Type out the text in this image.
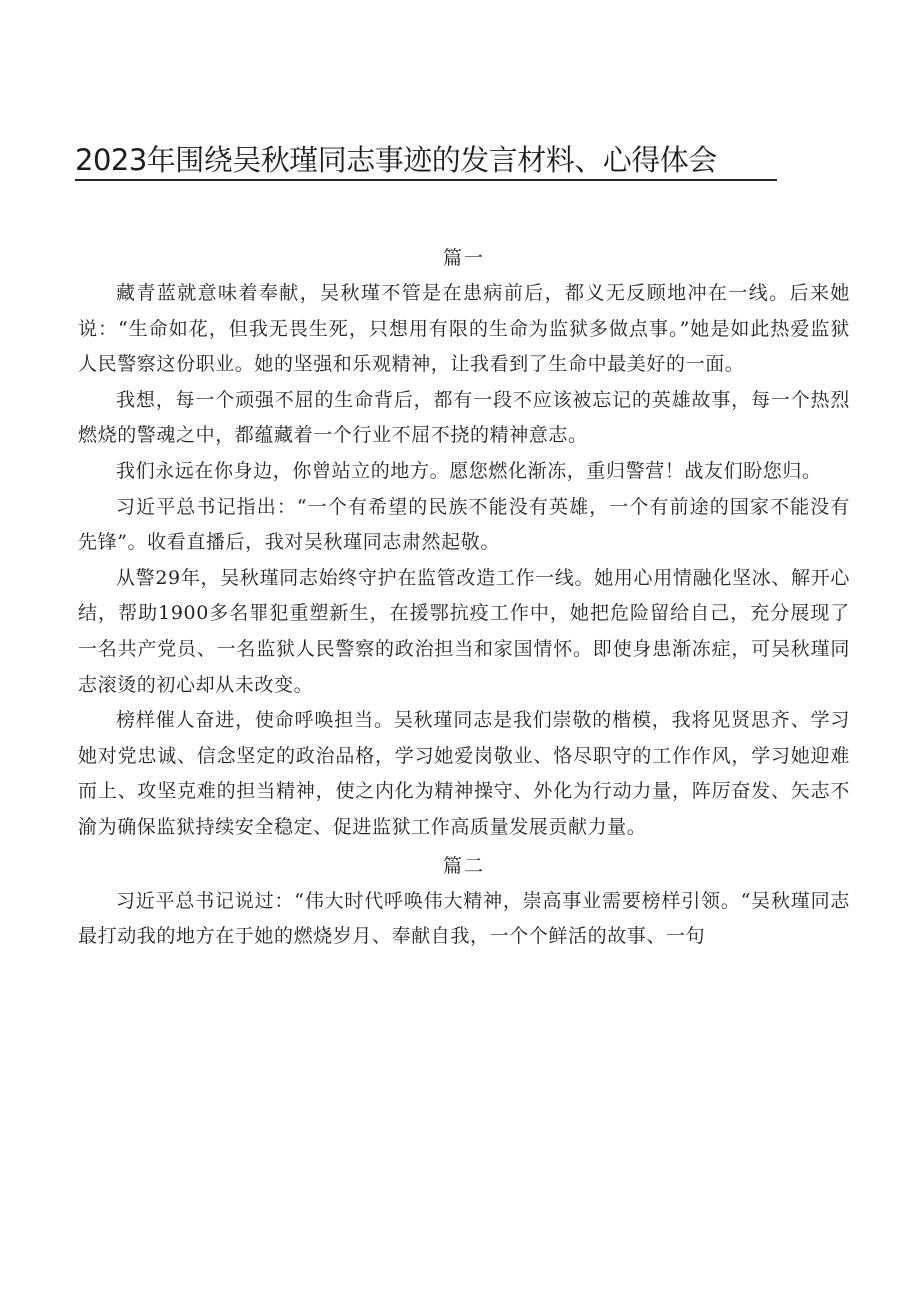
2023年围绕吴秋瑾同志事迹的发言材料、心得体会

篇一

藏青蓝就意味着奉献，吴秋瑾不管是在患病前后，都义无反顾地冲在一线。后来她说：“生命如花，但我无畏生死，只想用有限的生命为监狱多做点事。”她是如此热爱监狱人民警察这份职业。她的坚强和乐观精神，让我看到了生命中最美好的一面。

我想，每一个顽强不屈的生命背后，都有一段不应该被忘记的英雄故事，每一个热烈燃烧的警魂之中，都蕴藏着一个行业不屈不挠的精神意志。

我们永远在你身边，你曾站立的地方。愿您燃化渐冻，重归警营！战友们盼您归。

习近平总书记指出：“一个有希望的民族不能没有英雄，一个有前途的国家不能没有先锋”。收看直播后，我对吴秋瑾同志肃然起敬。

从警29年，吴秋瑾同志始终守护在监管改造工作一线。她用心用情融化坚冰、解开心结，帮助1900多名罪犯重塑新生，在援鄂抗疫工作中，她把危险留给自己，充分展现了一名共产党员、一名监狱人民警察的政治担当和家国情怀。即使身患渐冻症，可吴秋瑾同志滚烫的初心却从未改变。

榜样催人奋进，使命呼唤担当。吴秋瑾同志是我们崇敬的楷模，我将见贤思齐、学习她对党忠诚、信念坚定的政治品格，学习她爱岗敬业、恪尽职守的工作作风，学习她迎难而上、攻坚克难的担当精神，使之内化为精神操守、外化为行动力量，阵厉奋发、矢志不渝为确保监狱持续安全稳定、促进监狱工作高质量发展贡献力量。

篇二

习近平总书记说过：“伟大时代呼唤伟大精神，崇高事业需要榜样引领。“吴秋瑾同志最打动我的地方在于她的燃烧岁月、奉献自我，一个个鲜活的故事、一句
